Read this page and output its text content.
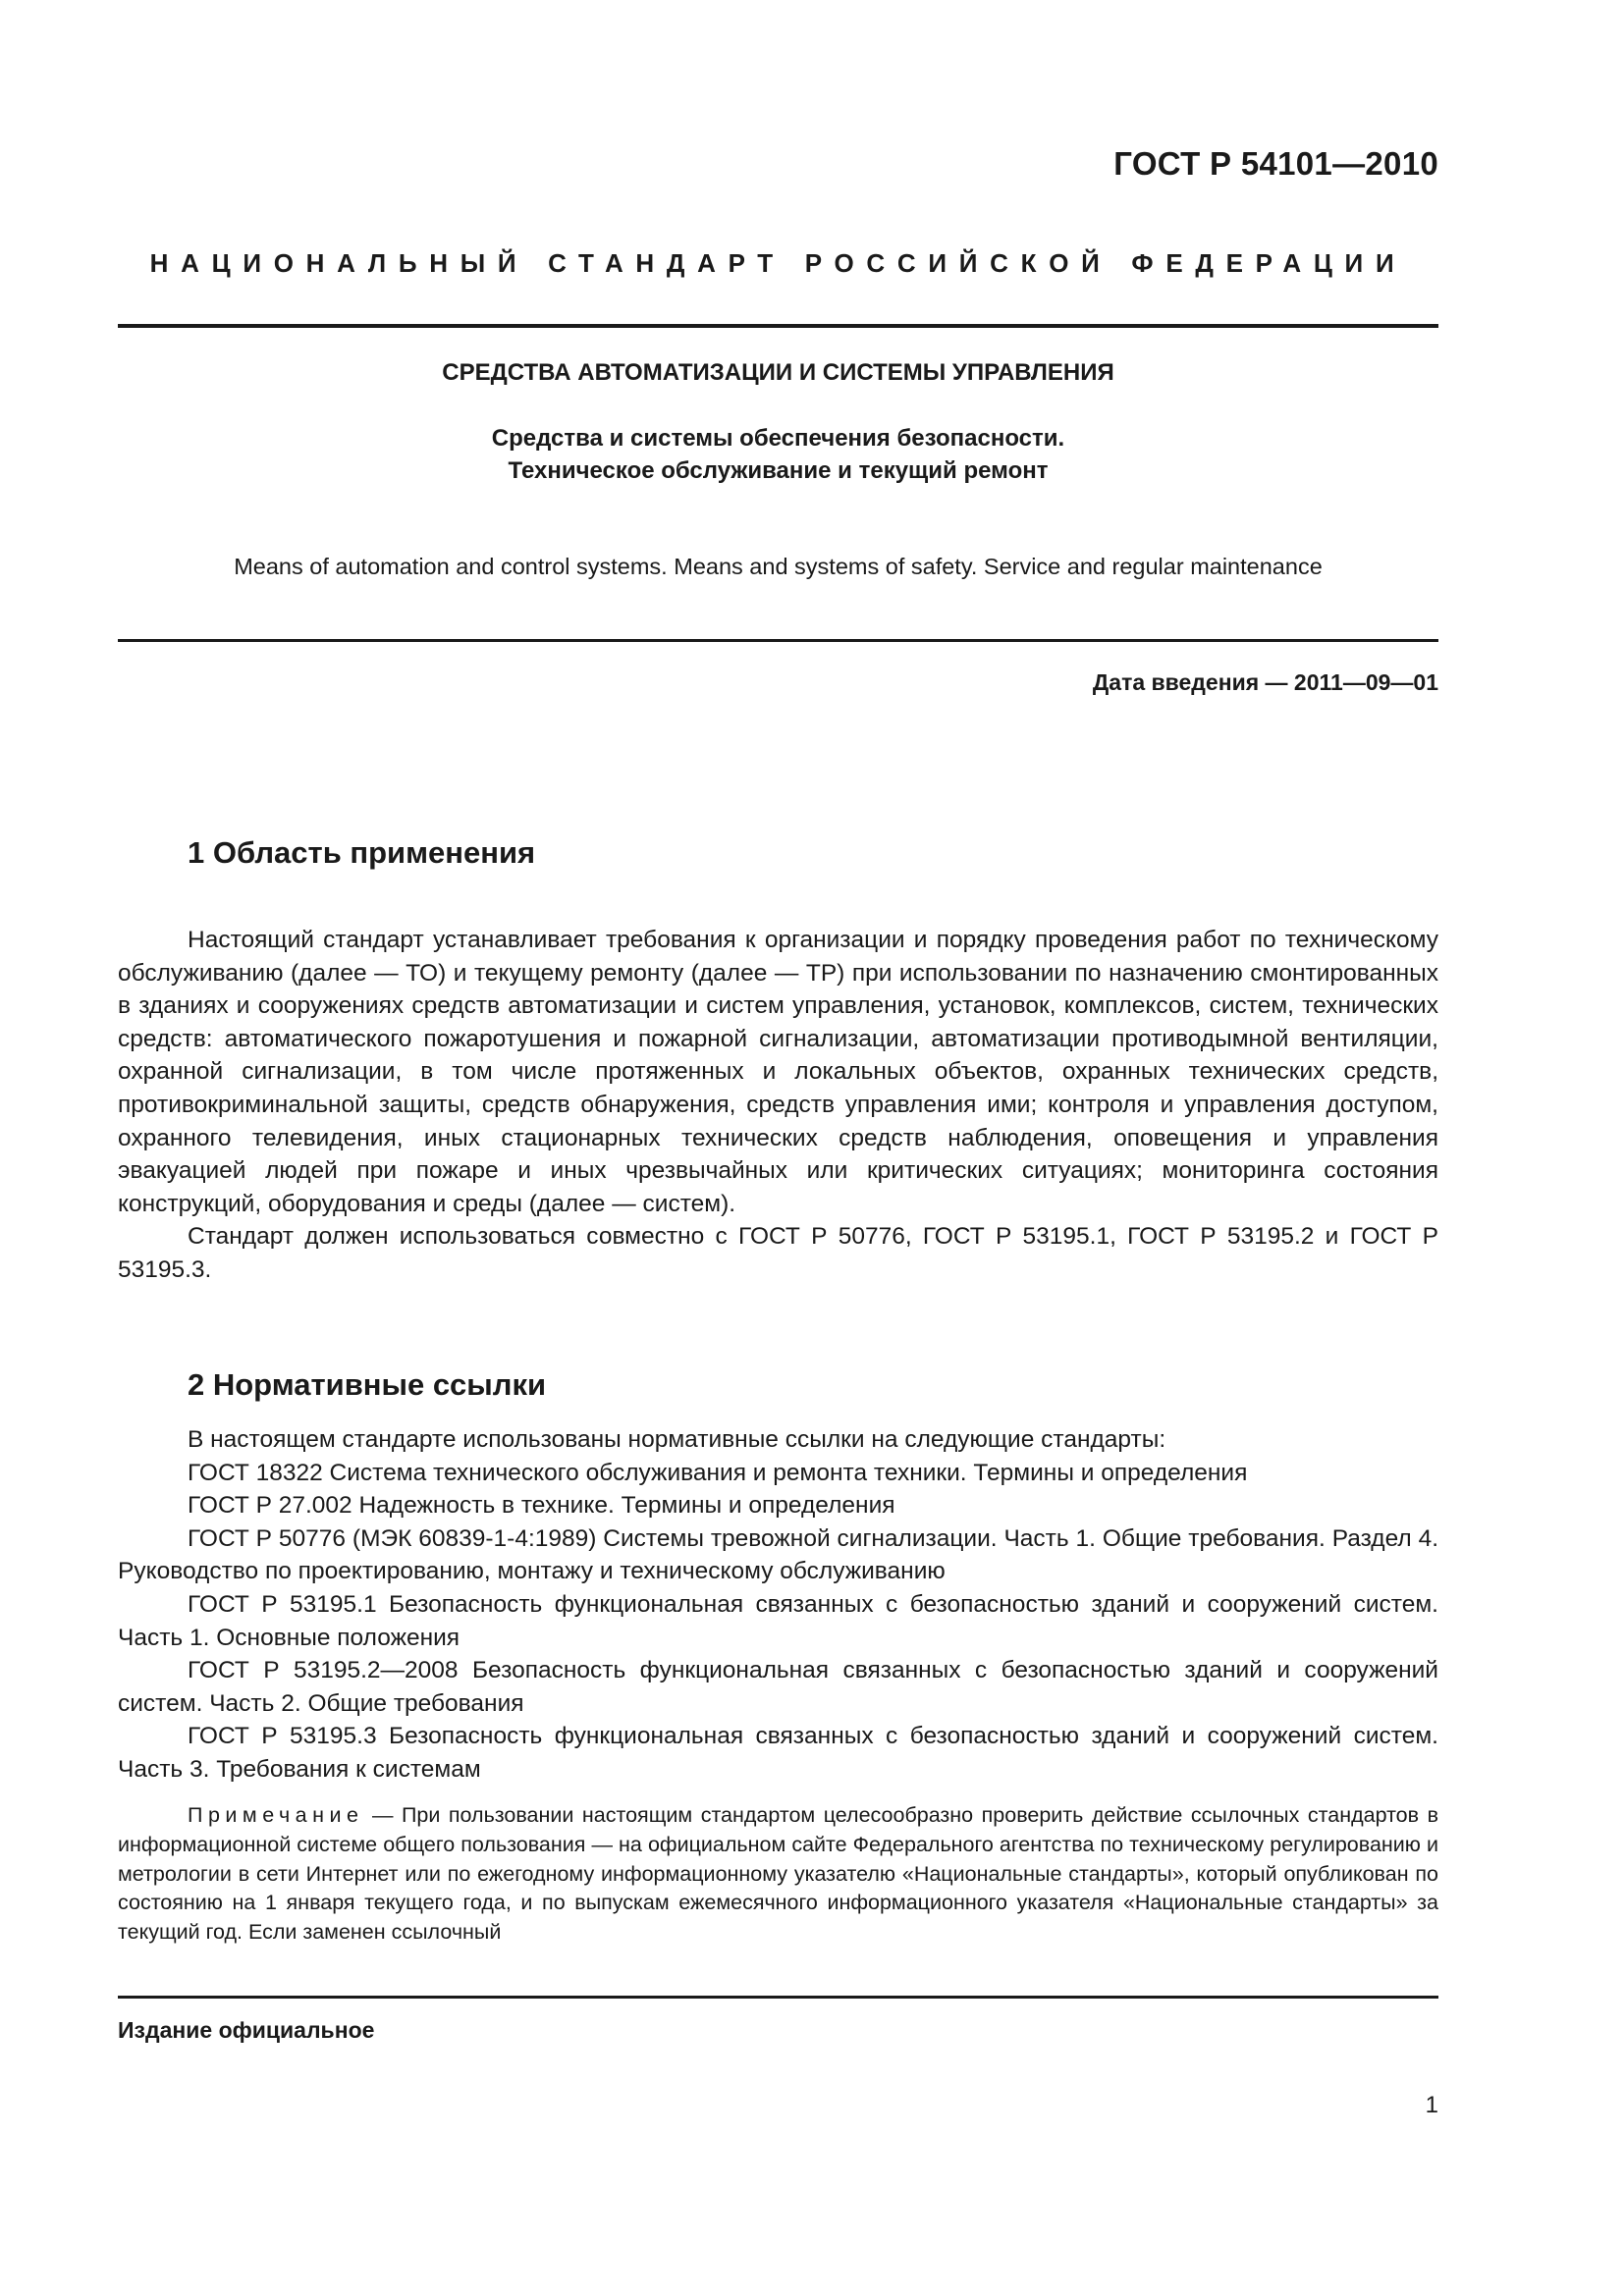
ГОСТ Р 54101—2010

НАЦИОНАЛЬНЫЙ СТАНДАРТ РОССИЙСКОЙ ФЕДЕРАЦИИ

СРЕДСТВА АВТОМАТИЗАЦИИ И СИСТЕМЫ УПРАВЛЕНИЯ
Средства и системы обеспечения безопасности.
Техническое обслуживание и текущий ремонт

Means of automation and control systems. Means and systems of safety. Service and regular maintenance

Дата введения — 2011—09—01

1 Область применения

Настоящий стандарт устанавливает требования к организации и порядку проведения работ по техническому обслуживанию (далее — ТО) и текущему ремонту (далее — ТР) при использовании по назначению смонтированных в зданиях и сооружениях средств автоматизации и систем управления, установок, комплексов, систем, технических средств: автоматического пожаротушения и пожарной сигнализации, автоматизации противодымной вентиляции, охранной сигнализации, в том числе протяженных и локальных объектов, охранных технических средств, противокриминальной защиты, средств обнаружения, средств управления ими; контроля и управления доступом, охранного телевидения, иных стационарных технических средств наблюдения, оповещения и управления эвакуацией людей при пожаре и иных чрезвычайных или критических ситуациях; мониторинга состояния конструкций, оборудования и среды (далее — систем).

Стандарт должен использоваться совместно с ГОСТ Р 50776, ГОСТ Р 53195.1, ГОСТ Р 53195.2 и ГОСТ Р 53195.3.

2 Нормативные ссылки

В настоящем стандарте использованы нормативные ссылки на следующие стандарты:

ГОСТ 18322 Система технического обслуживания и ремонта техники. Термины и определения

ГОСТ Р 27.002 Надежность в технике. Термины и определения

ГОСТ Р 50776 (МЭК 60839-1-4:1989) Системы тревожной сигнализации. Часть 1. Общие требования. Раздел 4. Руководство по проектированию, монтажу и техническому обслуживанию

ГОСТ Р 53195.1 Безопасность функциональная связанных с безопасностью зданий и сооружений систем. Часть 1. Основные положения

ГОСТ Р 53195.2—2008 Безопасность функциональная связанных с безопасностью зданий и сооружений систем. Часть 2. Общие требования

ГОСТ Р 53195.3 Безопасность функциональная связанных с безопасностью зданий и сооружений систем. Часть 3. Требования к системам

Примечание — При пользовании настоящим стандартом целесообразно проверить действие ссылочных стандартов в информационной системе общего пользования — на официальном сайте Федерального агентства по техническому регулированию и метрологии в сети Интернет или по ежегодному информационному указателю «Национальные стандарты», который опубликован по состоянию на 1 января текущего года, и по выпускам ежемесячного информационного указателя «Национальные стандарты» за текущий год. Если заменен ссылочный

Издание официальное

1
